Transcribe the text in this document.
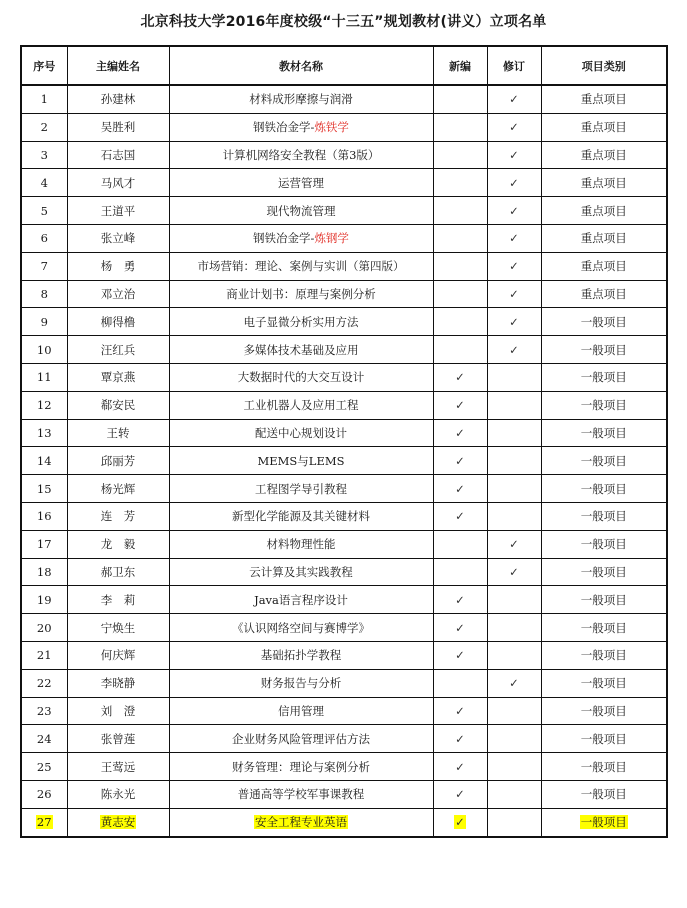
北京科技大学2016年度校级“十三五”规划教材(讲义）立项名单
序号	主编姓名	教材名称	新编	修订	项目类别
1	孙建林	材料成形摩擦与润滑		✓	重点项目
2	吴胜利	钢铁冶金学-炼铁学		✓	重点项目
3	石志国	计算机网络安全教程（第3版）		✓	重点项目
4	马风才	运营管理		✓	重点项目
5	王道平	现代物流管理		✓	重点项目
6	张立峰	钢铁冶金学-炼钢学		✓	重点项目
7	杨　勇	市场营销：理论、案例与实训（第四版）		✓	重点项目
8	邓立治	商业计划书：原理与案例分析		✓	重点项目
9	柳得橹	电子显微分析实用方法		✓	一般项目
10	汪红兵	多媒体技术基础及应用		✓	一般项目
11	覃京燕	大数据时代的大交互设计	✓		一般项目
12	郗安民	工业机器人及应用工程	✓		一般项目
13	王转	配送中心规划设计	✓		一般项目
14	邱丽芳	MEMS与LEMS	✓		一般项目
15	杨光辉	工程图学导引教程	✓		一般项目
16	连　芳	新型化学能源及其关键材料	✓		一般项目
17	龙　毅	材料物理性能		✓	一般项目
18	郝卫东	云计算及其实践教程		✓	一般项目
19	李　莉	Java语言程序设计	✓		一般项目
20	宁焕生	《认识网络空间与赛博学》	✓		一般项目
21	何庆辉	基础拓扑学教程	✓		一般项目
22	李晓静	财务报告与分析		✓	一般项目
23	刘　澄	信用管理	✓		一般项目
24	张曾莲	企业财务风险管理评估方法	✓		一般项目
25	王莺远	财务管理：理论与案例分析	✓		一般项目
26	陈永光	普通高等学校军事课教程	✓		一般项目
27	黄志安	安全工程专业英语	✓		一般项目
